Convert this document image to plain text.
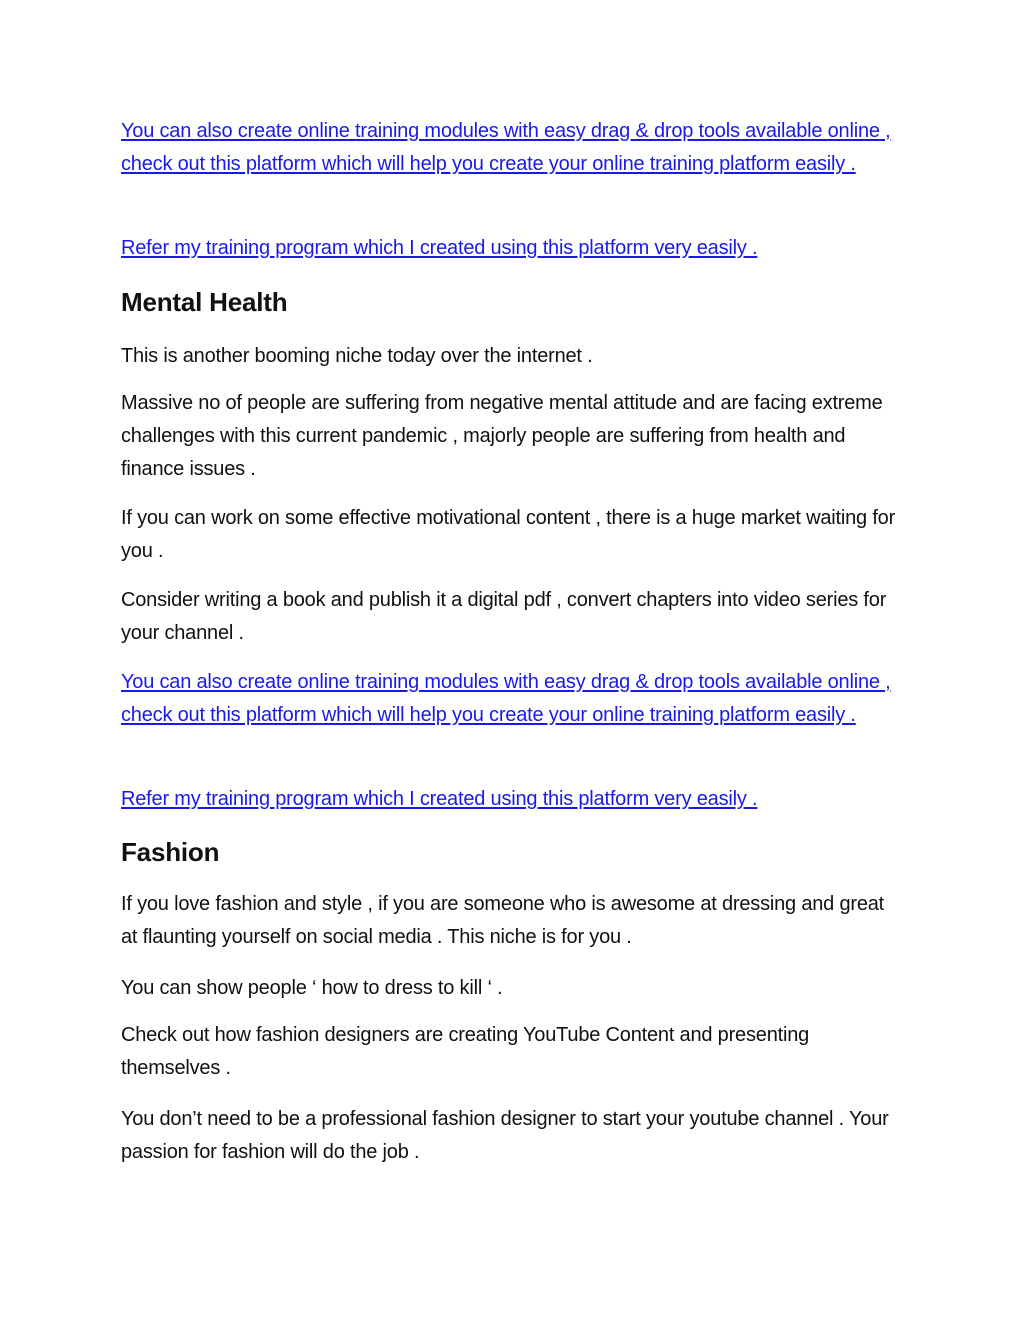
You can also create online training modules with easy drag & drop tools available online , check out this platform which will help you create your online training platform easily .
Refer my training program which I created using this platform very easily .
Mental Health

This is another booming niche today over the internet .

Massive no of people are suffering from negative mental attitude and are facing extreme challenges with this current pandemic , majorly people are suffering from health and finance issues .

If you can work on some effective motivational content , there is a huge market waiting for you .

Consider writing a book and publish it a digital pdf , convert chapters into video series for your channel .

You can also create online training modules with easy drag & drop tools available online , check out this platform which will help you create your online training platform easily .
Refer my training program which I created using this platform very easily .
Fashion

If you love fashion and style , if you are someone who is awesome at dressing and great at flaunting yourself on social media . This niche is for you .

You can show people ‘ how to dress to kill ‘ .

Check out how fashion designers are creating YouTube Content and presenting themselves .

You don’t need to be a professional fashion designer to start your youtube channel . Your passion for fashion will do the job .
